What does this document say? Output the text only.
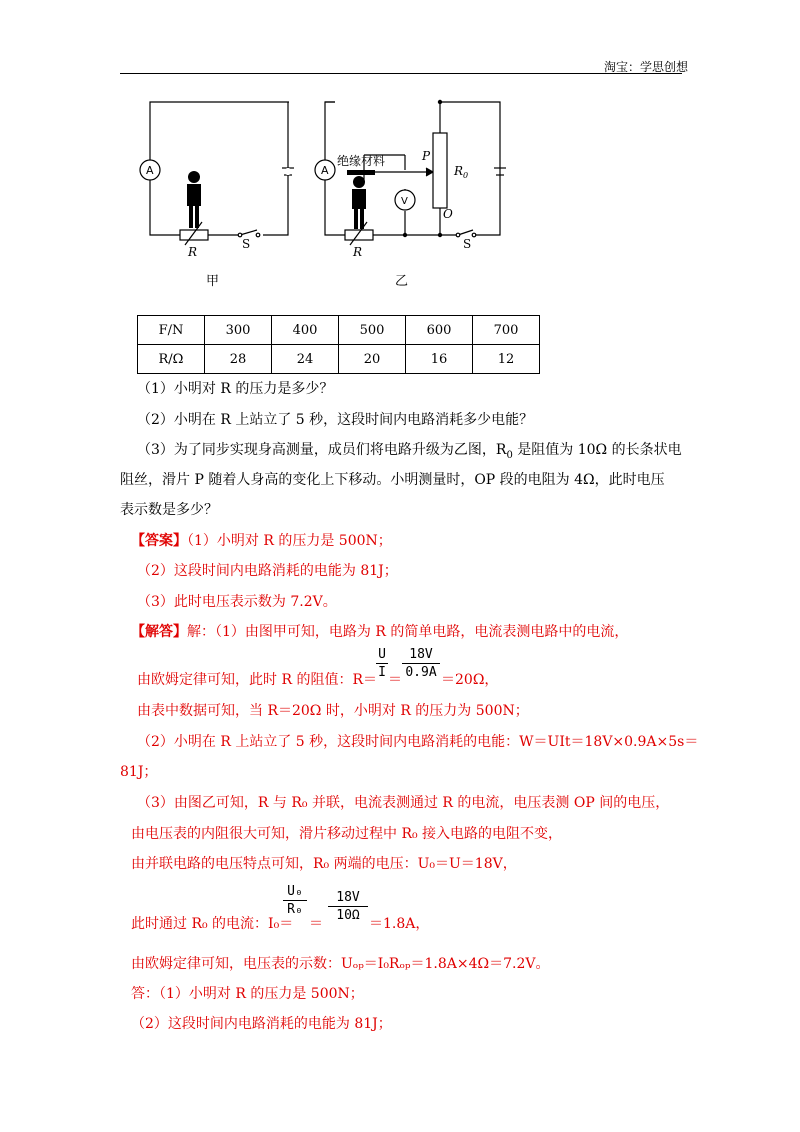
淘宝：学思创想
A
R
S
甲
A
V
绝缘材料	P
$R_0$
O
R
S
乙
F/N	300	400	500	600	700
R/Ω	28	24	20	16	12
（1）小明对 R 的压力是多少？
（2）小明在 R 上站立了 5 秒，这段时间内电路消耗多少电能？
（3）为了同步实现身高测量，成员们将电路升级为乙图，$R_0$ 是阻值为 10Ω 的长条状电
阻丝，滑片 P 随着人身高的变化上下移动。小明测量时，OP 段的电阻为 4Ω，此时电压
表示数是多少？
【答案】（1）小明对 R 的压力是 500N；
（2）这段时间内电路消耗的电能为 81J；
（3）此时电压表示数为 7.2V。
【解答】解：（1）由图甲可知，电路为 R 的简单电路，电流表测电路中的电流，
由欧姆定律可知，此时 R 的阻值：R＝
U
I ＝
18V
0.9A ＝20Ω，
由表中数据可知，当 R＝20Ω 时，小明对 R 的压力为 500N；
（2）小明在 R 上站立了 5 秒，这段时间内电路消耗的电能：W＝UIt＝18V×0.9A×5s＝
81J；
（3）由图乙可知，R 与 R₀ 并联，电流表测通过 R 的电流，电压表测 OP 间的电压，
由电压表的内阻很大可知，滑片移动过程中 R₀ 接入电路的电阻不变，
由并联电路的电压特点可知，R₀ 两端的电压：U₀＝U＝18V，
此时通过 R₀ 的电流：I₀＝
U₀
R₀
＝
18V
10Ω
＝1.8A，
由欧姆定律可知，电压表的示数：Uₒₚ＝I₀Rₒₚ＝1.8A×4Ω＝7.2V。
答：（1）小明对 R 的压力是 500N；
（2）这段时间内电路消耗的电能为 81J；
